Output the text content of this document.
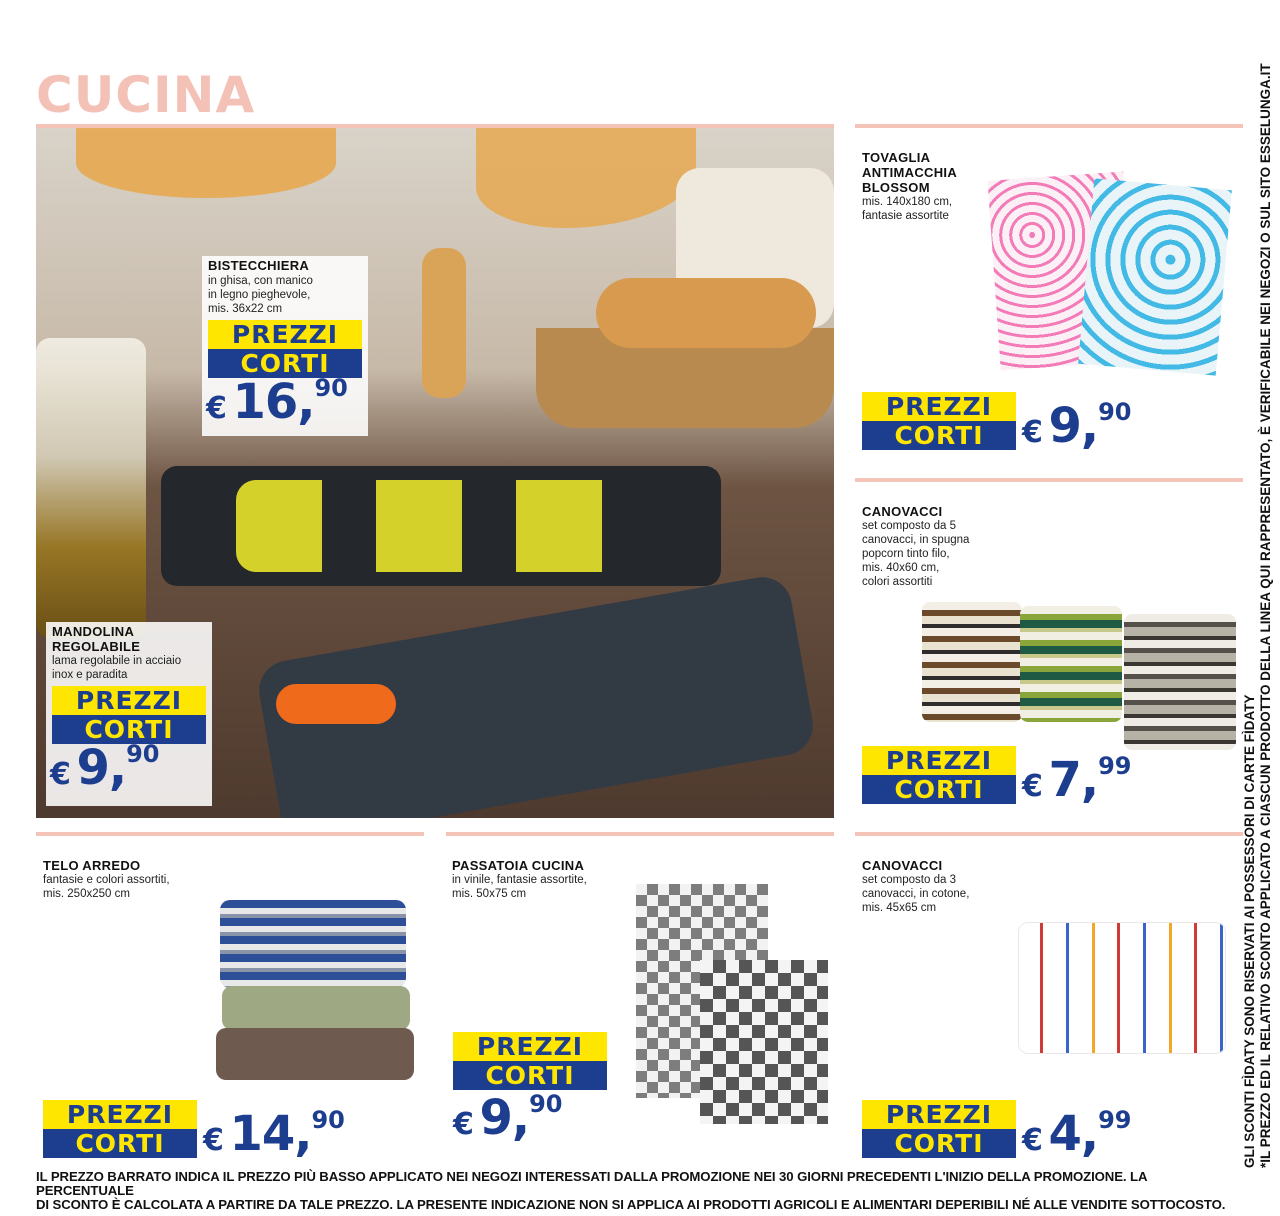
CUCINA
BISTECCHIERA
in ghisa, con manico
in legno pieghevole,
mis. 36x22 cm
PREZZI
CORTI
€ 16,90
MANDOLINA
REGOLABILE
lama regolabile in acciaio
inox e paradita
PREZZI
CORTI
€ 9,90
TOVAGLIA
ANTIMACCHIA
BLOSSOM
mis. 140x180 cm,
fantasie assortite
PREZZI
CORTI	€ 9,90
CANOVACCI
set composto da 5
canovacci, in spugna
popcorn tinto filo,
mis. 40x60 cm,
colori assortiti
PREZZI
CORTI	€ 7,99
TELO ARREDO
fantasie e colori assortiti,
mis. 250x250 cm
PREZZI
CORTI	€ 14,90
PASSATOIA CUCINA
in vinile, fantasie assortite,
mis. 50x75 cm
PREZZI
CORTI
€ 9,90
CANOVACCI
set composto da 3
canovacci, in cotone,
mis. 45x65 cm
PREZZI
CORTI	€ 4,99	GLI SCONTI FÌDATY SONO RISERVATI AI POSSESSORI DI CARTE FÌDATY *IL PREZZO ED IL RELATIVO SCONTO APPLICATO A CIASCUN PRODOTTO DELLA LINEA QUI RAPPRESENTATO, È VERIFICABILE NEI NEGOZI O SUL SITO ESSELUNGA.IT
IL PREZZO BARRATO INDICA IL PREZZO PIÙ BASSO APPLICATO NEI NEGOZI INTERESSATI DALLA PROMOZIONE NEI 30 GIORNI PRECEDENTI L'INIZIO DELLA PROMOZIONE. LA PERCENTUALE
DI SCONTO È CALCOLATA A PARTIRE DA TALE PREZZO. LA PRESENTE INDICAZIONE NON SI APPLICA AI PRODOTTI AGRICOLI E ALIMENTARI DEPERIBILI NÉ ALLE VENDITE SOTTOCOSTO.
